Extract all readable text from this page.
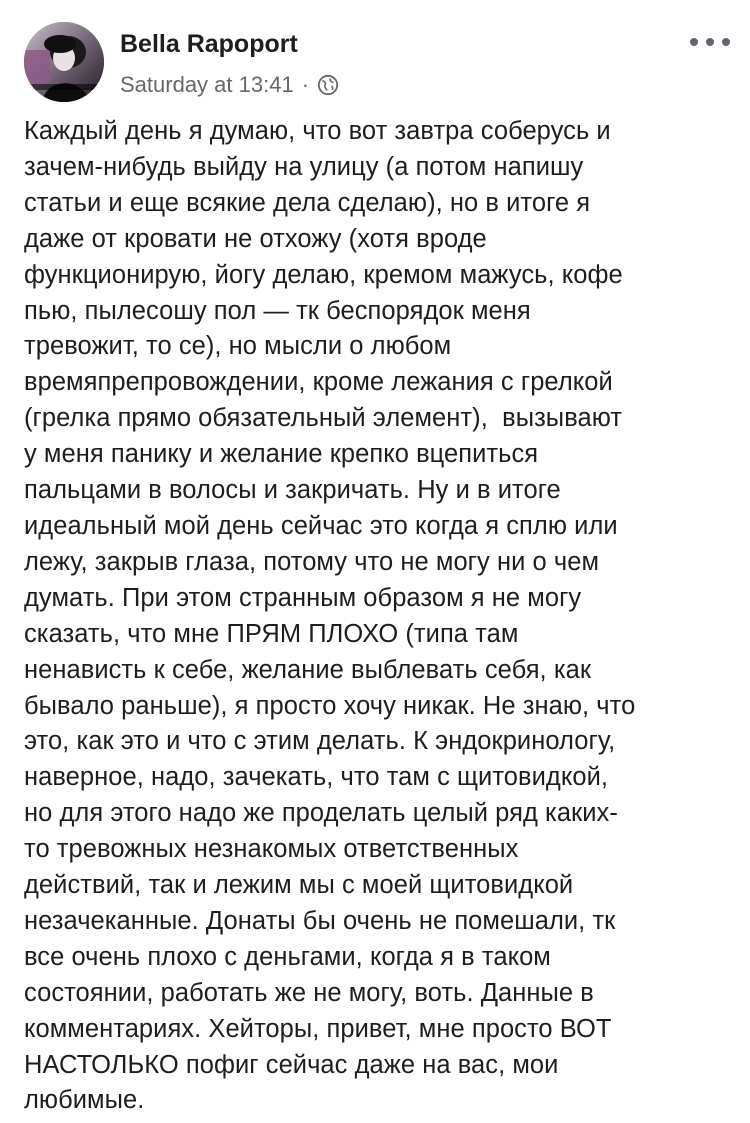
Bella Rapoport
Saturday at 13:41 ·
Каждый день я думаю, что вот завтра соберусь и
зачем-нибудь выйду на улицу (а потом напишу
статьи и еще всякие дела сделаю), но в итоге я
даже от кровати не отхожу (хотя вроде
функционирую, йогу делаю, кремом мажусь, кофе
пью, пылесошу пол — тк беспорядок меня
тревожит, то се), но мысли о любом
времяпрепровождении, кроме лежания с грелкой
(грелка прямо обязательный элемент),  вызывают
у меня панику и желание крепко вцепиться
пальцами в волосы и закричать. Ну и в итоге
идеальный мой день сейчас это когда я сплю или
лежу, закрыв глаза, потому что не могу ни о чем
думать. При этом странным образом я не могу
сказать, что мне ПРЯМ ПЛОХО (типа там
ненависть к себе, желание выблевать себя, как
бывало раньше), я просто хочу никак. Не знаю, что
это, как это и что с этим делать. К эндокринологу,
наверное, надо, зачекать, что там с щитовидкой,
но для этого надо же проделать целый ряд каких-
то тревожных незнакомых ответственных
действий, так и лежим мы с моей щитовидкой
незачеканные. Донаты бы очень не помешали, тк
все очень плохо с деньгами, когда я в таком
состоянии, работать же не могу, воть. Данные в
комментариях. Хейторы, привет, мне просто ВОТ
НАСТОЛЬКО пофиг сейчас даже на вас, мои
любимые.
